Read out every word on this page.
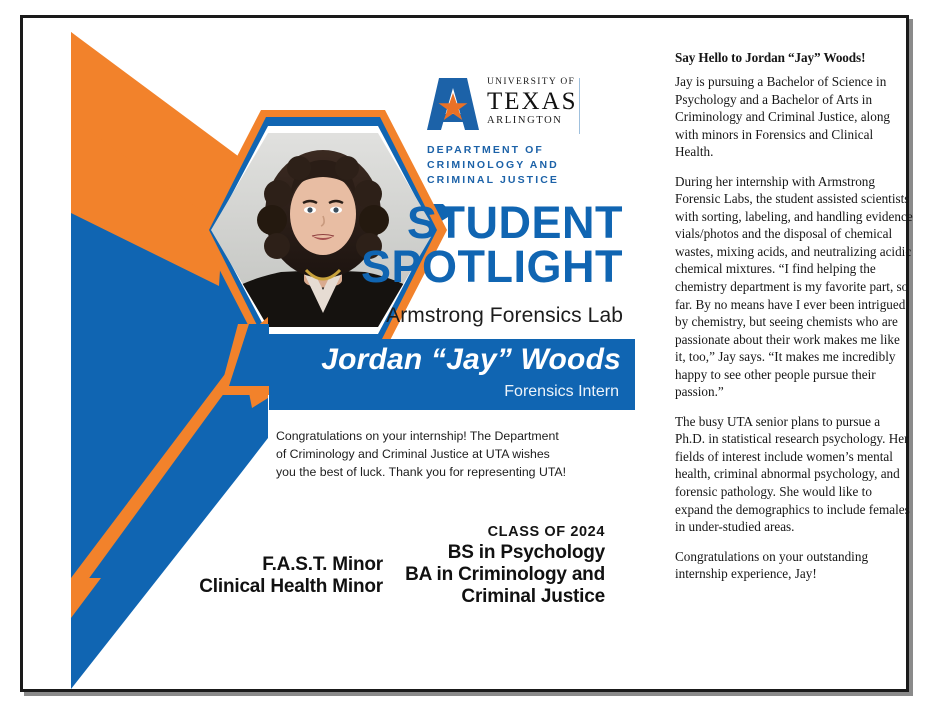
UNIVERSITY OF
TEXAS
ARLINGTON
DEPARTMENT OF
CRIMINOLOGY AND
CRIMINAL JUSTICE
STUDENT
SPOTLIGHT
Armstrong Forensics Lab
Jordan “Jay” Woods
Forensics Intern
Congratulations on your internship! The Department
of Criminology and Criminal Justice at UTA wishes
you the best of luck. Thank you for representing UTA!
CLASS OF 2024
BS in Psychology
BA in Criminology and
Criminal Justice
F.A.S.T. Minor
Clinical Health Minor
Say Hello to Jordan “Jay” Woods!

Jay is pursuing a Bachelor of Science in Psychology and a Bachelor of Arts in Criminology and Criminal Justice, along with minors in Forensics and Clinical Health.

During her internship with Armstrong Forensic Labs, the student assisted scientists with sorting, labeling, and handling evidence vials/photos and the disposal of chemical wastes, mixing acids, and neutralizing acidic chemical mixtures. “I find helping the chemistry department is my favorite part, so far. By no means have I ever been intrigued by chemistry, but seeing chemists who are passionate about their work makes me like it, too,” Jay says. “It makes me incredibly happy to see other people pursue their passion.”

The busy UTA senior plans to pursue a Ph.D. in statistical research psychology. Her fields of interest include women’s mental health, criminal abnormal psychology, and forensic pathology. She would like to expand the demographics to include females in under-studied areas.

Congratulations on your outstanding internship experience, Jay!
